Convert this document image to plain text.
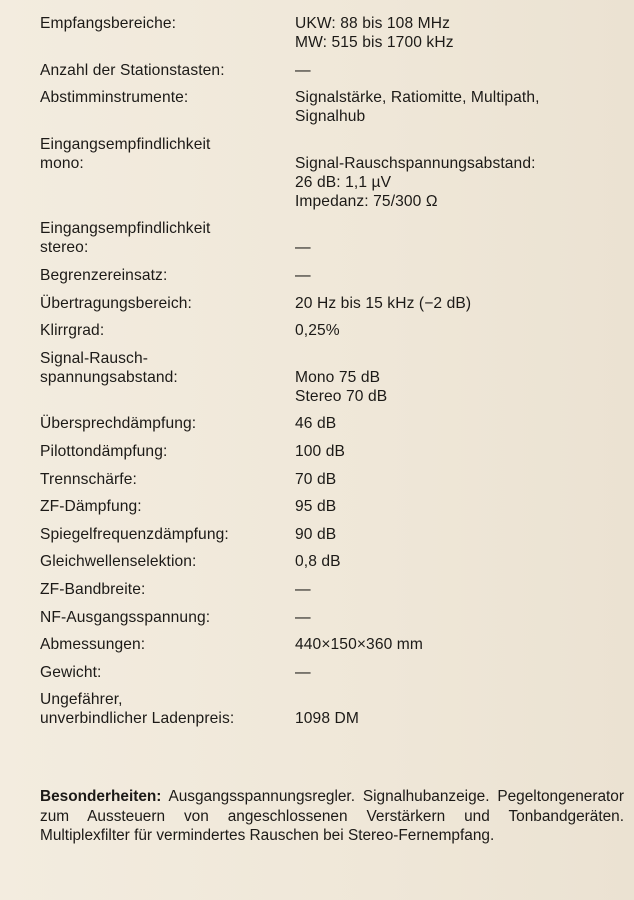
Empfangsbereiche:	UKW: 88 bis 108 MHz
MW: 515 bis 1700 kHz
Anzahl der Stationstasten:	—
Abstimminstrumente:	Signalstärke, Ratiomitte, Multipath,
Signalhub
Eingangsempfindlichkeit
mono:	Signal-Rauschspannungsabstand:
26 dB: 1,1 µV
Impedanz: 75/300 Ω
Eingangsempfindlichkeit
stereo:	—
Begrenzereinsatz:	—
Übertragungsbereich:	20 Hz bis 15 kHz (−2 dB)
Klirrgrad:	0,25%
Signal-Rausch-
spannungsabstand:	Mono 75 dB
Stereo 70 dB
Übersprechdämpfung:	46 dB
Pilottondämpfung:	100 dB
Trennschärfe:	70 dB
ZF-Dämpfung:	95 dB
Spiegelfrequenzdämpfung:	90 dB
Gleichwellenselektion:	0,8 dB
ZF-Bandbreite:	—
NF-Ausgangsspannung:	—
Abmessungen:	440×150×360 mm
Gewicht:	—
Ungefährer,
unverbindlicher Ladenpreis:	1098 DM
Besonderheiten: Ausgangsspannungsregler. Signalhubanzeige. Pegeltongenerator zum Aussteuern von angeschlossenen Verstärkern und Tonbandgeräten. Multiplexfilter für vermindertes Rauschen bei Stereo-Fernempfang.
